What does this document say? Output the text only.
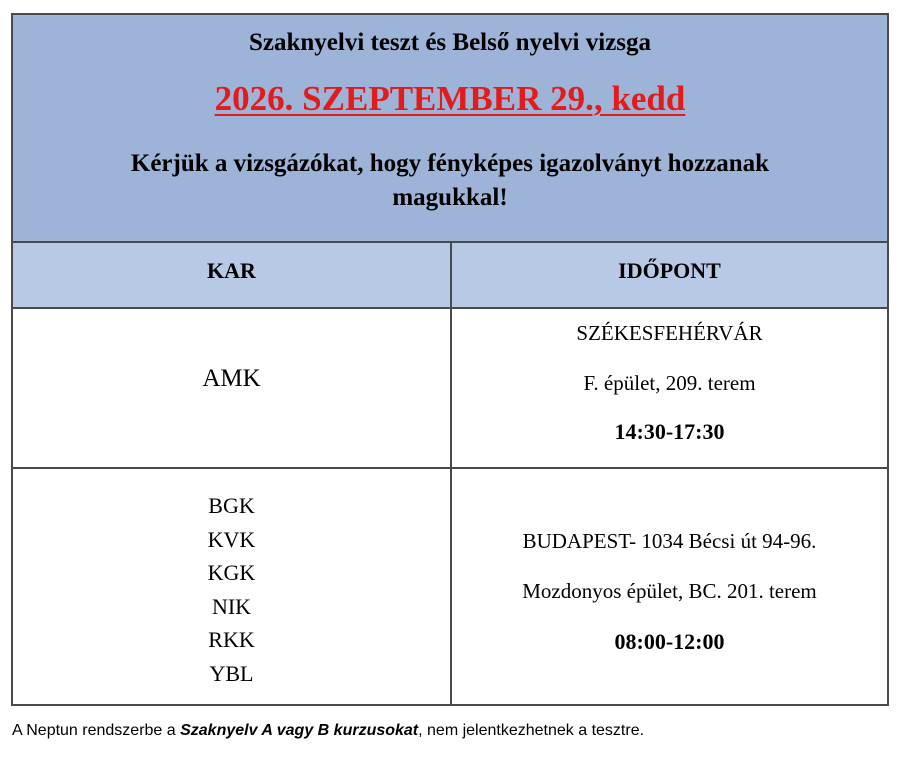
Szaknyelvi teszt és Belső nyelvi vizsga
2026. SZEPTEMBER 29., kedd
Kérjük a vizsgázókat, hogy fényképes igazolványt hozzanak magukkal!
KAR	IDŐPONT
AMK
SZÉKESFEHÉRVÁR
F. épület, 209. terem
14:30-17:30
BGK
KVK
KGK
NIK
RKK
YBL
BUDAPEST- 1034 Bécsi út 94-96.
Mozdonyos épület, BC. 201. terem
08:00-12:00
A Neptun rendszerbe a Szaknyelv A vagy B kurzusokat, nem jelentkezhetnek a tesztre.
